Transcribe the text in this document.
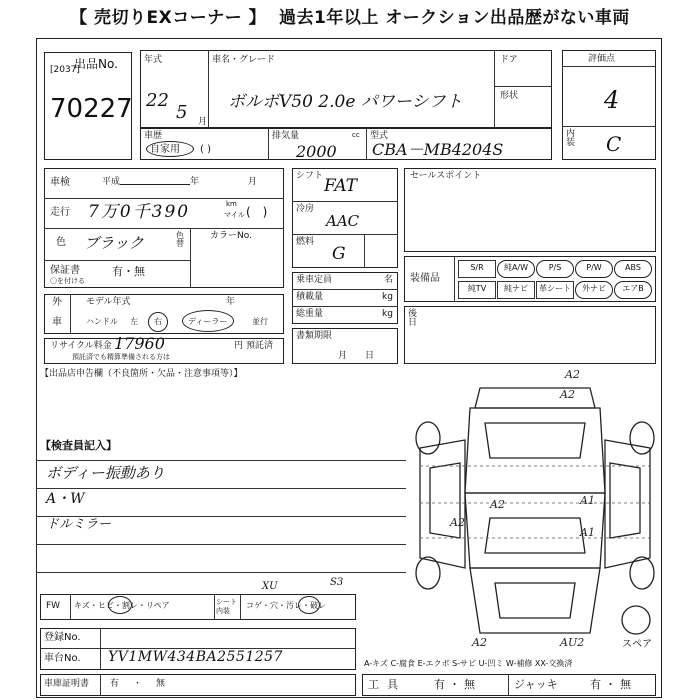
【 売切りEXコーナー 】 過去1年以上 オークション出品歴がない車両
出品No.
[2037]
70227
年式
22
5 月
車名・グレード
ボルボV50 2.0e パワーシフト
ドア
形状
評価点
4
内装 C
車歴
自家用 ( )
排気量	cc
2000
型式
CBA－MB4204S
車検	平成	年	月
走行 7万0千390	km
マイル (　)
色 ブラック	色替
カラーNo.
保証書	有・無
〇を付ける
外
車
モデル年式	年
ハンドル 左 右	ディーラー	並行
リサイクル料金 17960	円 預託済
預託済でも精算準備される方は
シフト FAT
冷房
AAC
燃料
G
乗車定員	名
積載量	kg
総重量	kg
書類期限
月日
セールスポイント
装備品
S/R	純A/W	P/S	P/W	ABS
純TV	純ナビ	革シート	外ナビ	エアB
後日
【出品店申告欄（不良箇所・欠品・注意事項等）】
【検査員記入】
ボディー振動あり
A・W
ドルミラー
FW キズ・ヒビ・割レ・リペア	シート内装
コゲ・穴・汚レ・破レ
XU	S3
登録No.
車台No. YV1MW434BA2551257
車庫証明書 有・無	工具	有・無	ジャッキ	有・無
A-キズ C-腐食 E-エクボ S-サビ U-凹ミ W-補修 XX-交換済
A2
A2
A1
A1
A2
A2	AU2
A2
スペア
